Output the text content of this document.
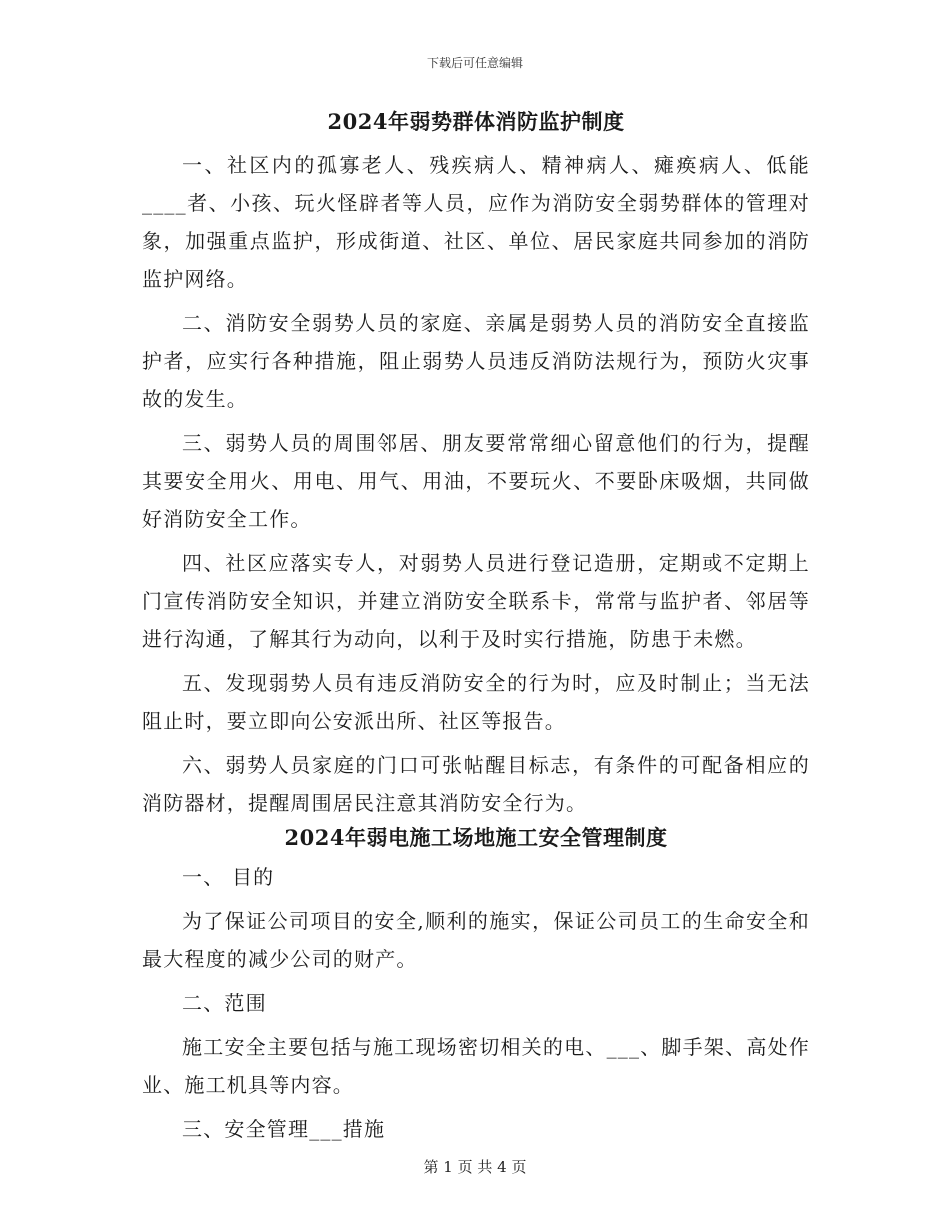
下载后可任意编辑
2024年弱势群体消防监护制度

一、社区内的孤寡老人、残疾病人、精神病人、瘫痪病人、低能____者、小孩、玩火怪辟者等人员，应作为消防安全弱势群体的管理对象，加强重点监护，形成街道、社区、单位、居民家庭共同参加的消防监护网络。

二、消防安全弱势人员的家庭、亲属是弱势人员的消防安全直接监护者，应实行各种措施，阻止弱势人员违反消防法规行为，预防火灾事故的发生。

三、弱势人员的周围邻居、朋友要常常细心留意他们的行为，提醒其要安全用火、用电、用气、用油，不要玩火、不要卧床吸烟，共同做好消防安全工作。

四、社区应落实专人，对弱势人员进行登记造册，定期或不定期上门宣传消防安全知识，并建立消防安全联系卡，常常与监护者、邻居等进行沟通，了解其行为动向，以利于及时实行措施，防患于未燃。

五、发现弱势人员有违反消防安全的行为时，应及时制止；当无法阻止时，要立即向公安派出所、社区等报告。

六、弱势人员家庭的门口可张帖醒目标志，有条件的可配备相应的消防器材，提醒周围居民注意其消防安全行为。

2024年弱电施工场地施工安全管理制度

一、 目的

为了保证公司项目的安全,顺利的施实，保证公司员工的生命安全和最大程度的减少公司的财产。

二、范围

施工安全主要包括与施工现场密切相关的电、___、脚手架、高处作业、施工机具等内容。

三、安全管理___措施

第 1 页 共 4 页
